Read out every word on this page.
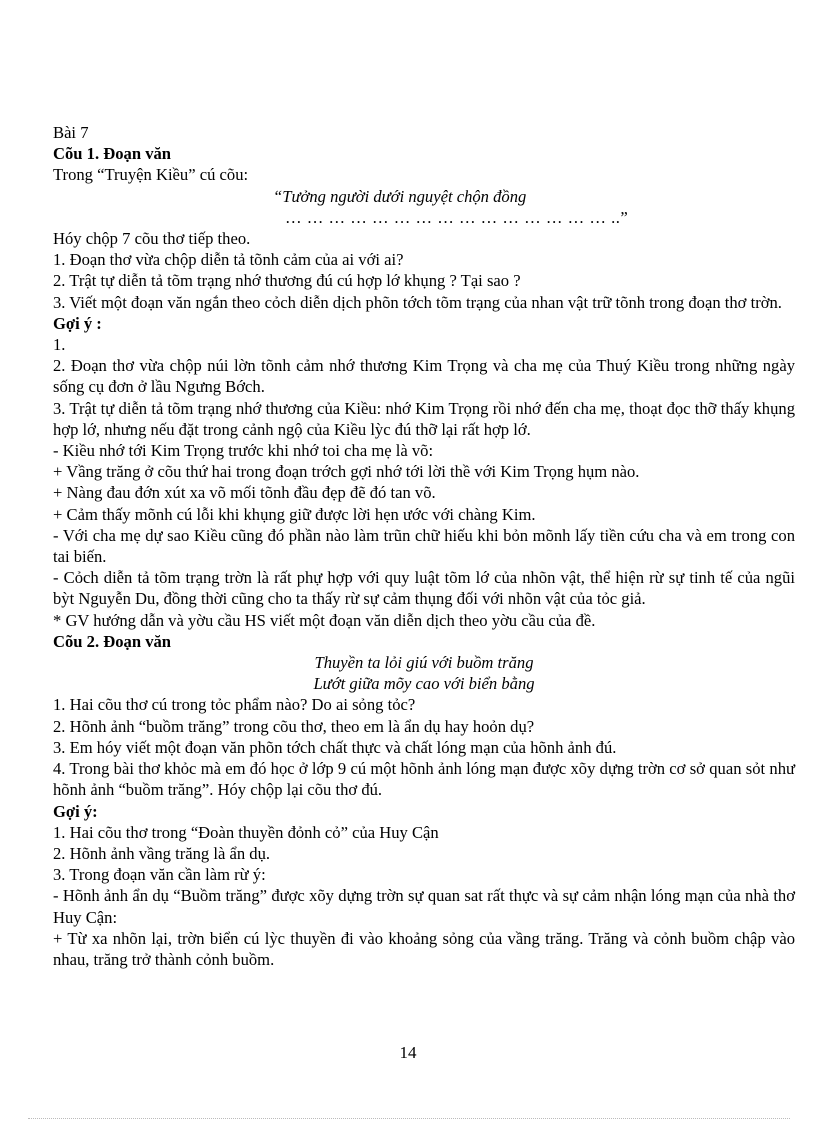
Bài 7

Cõu 1. Đoạn văn

Trong “Truyện Kiều” cú cõu:

“Tưởng người dưới nguyệt chộn đồng

… … … … … … … … … … … … … … … ..”

Hóy chộp 7 cõu thơ tiếp theo.

1. Đoạn thơ vừa chộp diễn tả tõnh cảm của ai với ai?

2. Trật tự diễn tả tõm trạng nhớ thương đú cú hợp lớ khụng ? Tại sao ?

3. Viết một đoạn văn ngắn theo cỏch diễn dịch phõn tớch tõm trạng của nhan vật trữ tõnh trong đoạn thơ trờn.

Gợi ý :

1.

2. Đoạn thơ vừa chộp núi lờn tõnh cảm nhớ thương Kim Trọng và cha mẹ của Thuý Kiều trong những ngày sống cụ đơn ở lầu Ngưng Bớch.

3. Trật tự diễn tả tõm trạng nhớ thương của Kiều: nhớ Kim Trọng rồi nhớ đến cha mẹ, thoạt đọc thỡ thấy khụng hợp lớ, nhưng nếu đặt trong cảnh ngộ của Kiều lỳc đú thỡ lại rất hợp lớ.

- Kiều nhớ tới Kim Trọng trước khi nhớ toi cha mẹ là võ:

+ Vầng trăng ở cõu thứ hai trong đoạn trớch gợi nhớ tới lời thề với Kim Trọng hụm nào.

+ Nàng đau đớn xút xa võ mối tõnh đầu đẹp đẽ đó tan võ.

+ Cảm thấy mõnh cú lỗi khi khụng giữ được lời hẹn ước với chàng Kim.

- Với cha mẹ dự sao Kiều cũng đó phần nào làm trũn chữ hiếu khi bỏn mõnh lấy tiền cứu cha và em trong con tai biến.

- Cỏch diễn tả tõm trạng trờn là rất phự hợp với quy luật tõm lớ của nhõn vật, thể hiện rừ sự tinh tế của ngũi bỳt Nguyễn Du, đồng thời cũng cho ta thấy rừ sự cảm thụng đối với nhõn vật của tỏc giả.

* GV hướng dẫn và yờu cầu HS viết một đoạn văn diễn dịch theo yờu cầu của đề.

Cõu 2. Đoạn văn

Thuyền ta lỏi giú với buồm trăng

Lướt giữa mõy cao với biển bằng

1. Hai cõu thơ cú trong tỏc phẩm nào? Do ai sỏng tỏc?

2. Hõnh ảnh “buồm trăng” trong cõu thơ, theo em là ẩn dụ hay hoỏn dụ?

3. Em hóy viết một đoạn văn phõn tớch chất thực và chất lóng mạn của hõnh ảnh đú.

4. Trong bài thơ khỏc mà em đó học ở lớp 9 cú một hõnh ảnh lóng mạn được xõy dựng trờn cơ sở quan sỏt như hõnh ảnh “buồm trăng”. Hóy chộp lại cõu thơ đú.

Gợi ý:

1. Hai cõu thơ trong “Đoàn thuyền đỏnh cỏ” của Huy Cận

2. Hõnh ảnh vầng trăng là ẩn dụ.

3. Trong đoạn văn cần làm rừ ý:

- Hõnh ảnh ẩn dụ “Buồm trăng” được xõy dựng trờn sự quan sat rất thực và sự cảm nhận lóng mạn của nhà thơ Huy Cận:

+ Từ xa nhõn lại, trờn biển cú lỳc thuyền đi vào khoảng sỏng của vầng trăng. Trăng và cỏnh buồm chập vào nhau, trăng trở thành cỏnh buồm.

14
